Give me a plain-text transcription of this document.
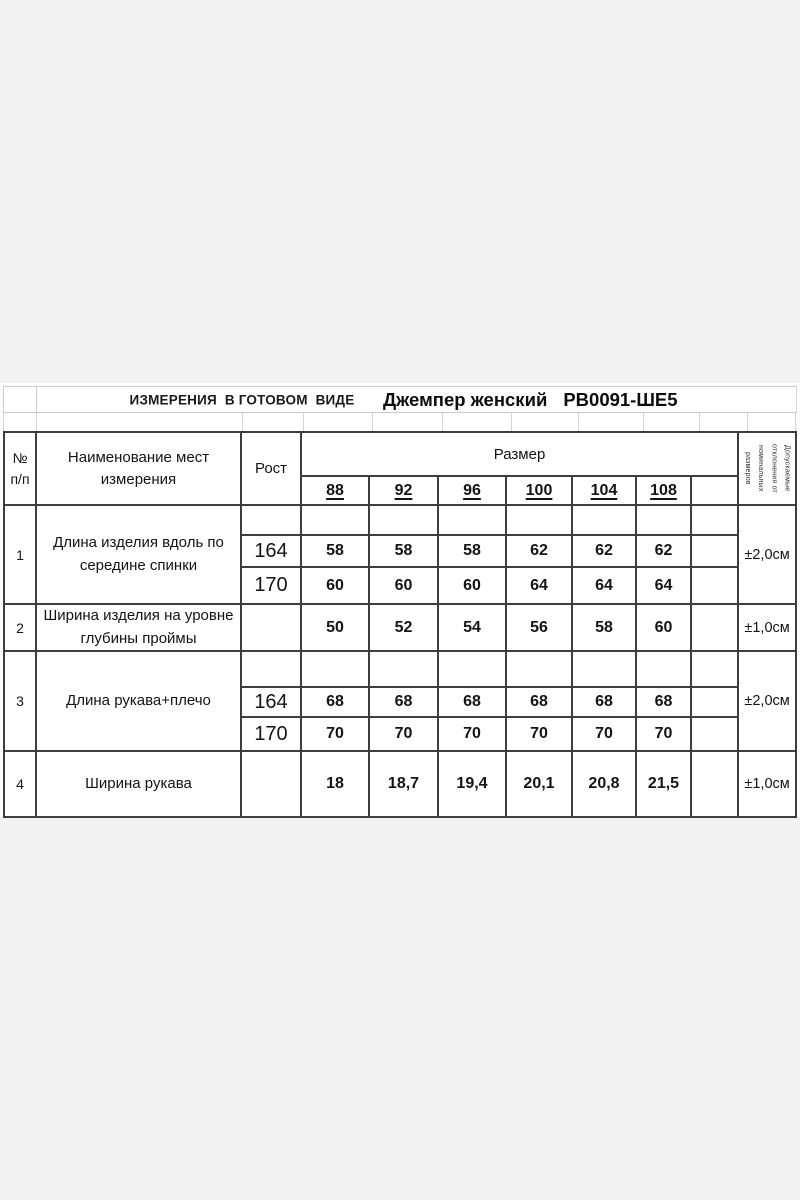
ИЗМЕРЕНИЯ  В ГОТОВОМ  ВИДЕ	Джемпер женский РВ0091-ШЕ5
№
п/п	Наименование мест измерения	Рост	Размер							Допускаемые отклонения от номинальных размеров

			88	92	96	100	104	108		
1	Длина изделия вдоль по середине спинки									±2,0см
		164	58	58	58	62	62	62		
		170	60	60	60	64	64	64		
2	Ширина изделия на уровне глубины проймы		50	52	54	56	58	60		±1,0см
3	Длина рукава+плечо									±2,0см
		164	68	68	68	68	68	68		
		170	70	70	70	70	70	70		
4	Ширина рукава		18	18,7	19,4	20,1	20,8	21,5		±1,0см
